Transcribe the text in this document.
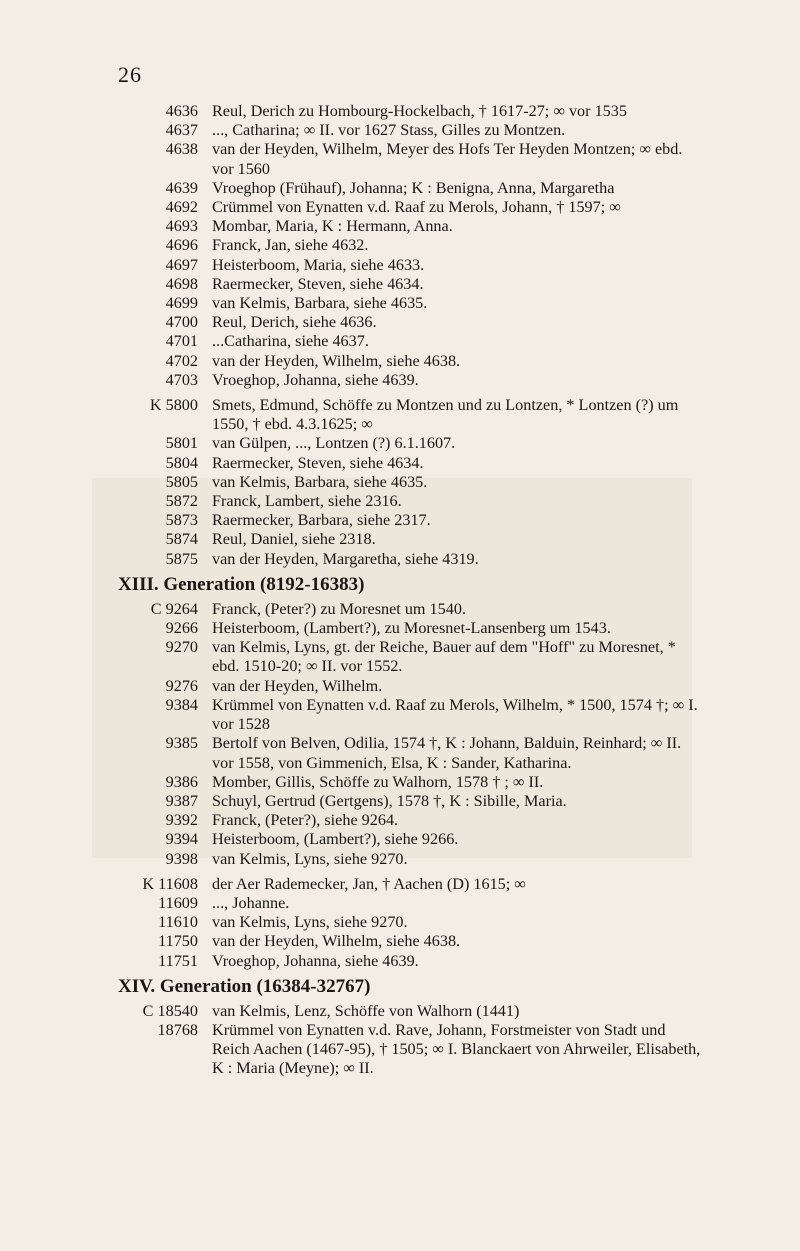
26
4636 Reul, Derich zu Hombourg-Hockelbach, † 1617-27; ∞ vor 1535
4637 ..., Catharina; ∞ II. vor 1627 Stass, Gilles zu Montzen.
4638 van der Heyden, Wilhelm, Meyer des Hofs Ter Heyden Montzen; ∞ ebd. vor 1560
4639 Vroeghop (Frühauf), Johanna; K : Benigna, Anna, Margaretha
4692 Crümmel von Eynatten v.d. Raaf zu Merols, Johann, † 1597; ∞
4693 Mombar, Maria, K : Hermann, Anna.
4696 Franck, Jan, siehe 4632.
4697 Heisterboom, Maria, siehe 4633.
4698 Raermecker, Steven, siehe 4634.
4699 van Kelmis, Barbara, siehe 4635.
4700 Reul, Derich, siehe 4636.
4701 ...Catharina, siehe 4637.
4702 van der Heyden, Wilhelm, siehe 4638.
4703 Vroeghop, Johanna, siehe 4639.
K 5800 Smets, Edmund, Schöffe zu Montzen und zu Lontzen, * Lontzen (?) um 1550, † ebd. 4.3.1625; ∞
5801 van Gülpen, ..., Lontzen (?) 6.1.1607.
5804 Raermecker, Steven, siehe 4634.
5805 van Kelmis, Barbara, siehe 4635.
5872 Franck, Lambert, siehe 2316.
5873 Raermecker, Barbara, siehe 2317.
5874 Reul, Daniel, siehe 2318.
5875 van der Heyden, Margaretha, siehe 4319.
XIII. Generation (8192-16383)
C 9264 Franck, (Peter?) zu Moresnet um 1540.
9266 Heisterboom, (Lambert?), zu Moresnet-Lansenberg um 1543.
9270 van Kelmis, Lyns, gt. der Reiche, Bauer auf dem "Hoff" zu Moresnet, * ebd. 1510-20; ∞ II. vor 1552.
9276 van der Heyden, Wilhelm.
9384 Krümmel von Eynatten v.d. Raaf zu Merols, Wilhelm, * 1500, 1574 †; ∞ I. vor 1528
9385 Bertolf von Belven, Odilia, 1574 †, K : Johann, Balduin, Reinhard; ∞ II. vor 1558, von Gimmenich, Elsa, K : Sander, Katharina.
9386 Momber, Gillis, Schöffe zu Walhorn, 1578 † ; ∞ II.
9387 Schuyl, Gertrud (Gertgens), 1578 †, K : Sibille, Maria.
9392 Franck, (Peter?), siehe 9264.
9394 Heisterboom, (Lambert?), siehe 9266.
9398 van Kelmis, Lyns, siehe 9270.
K 11608 der Aer Rademecker, Jan, † Aachen (D) 1615; ∞
11609 ..., Johanne.
11610 van Kelmis, Lyns, siehe 9270.
11750 van der Heyden, Wilhelm, siehe 4638.
11751 Vroeghop, Johanna, siehe 4639.
XIV. Generation (16384-32767)
C 18540 van Kelmis, Lenz, Schöffe von Walhorn (1441)
18768 Krümmel von Eynatten v.d. Rave, Johann, Forstmeister von Stadt und Reich Aachen (1467-95), † 1505; ∞ I. Blanckaert von Ahrweiler, Elisabeth, K : Maria (Meyne); ∞ II.
